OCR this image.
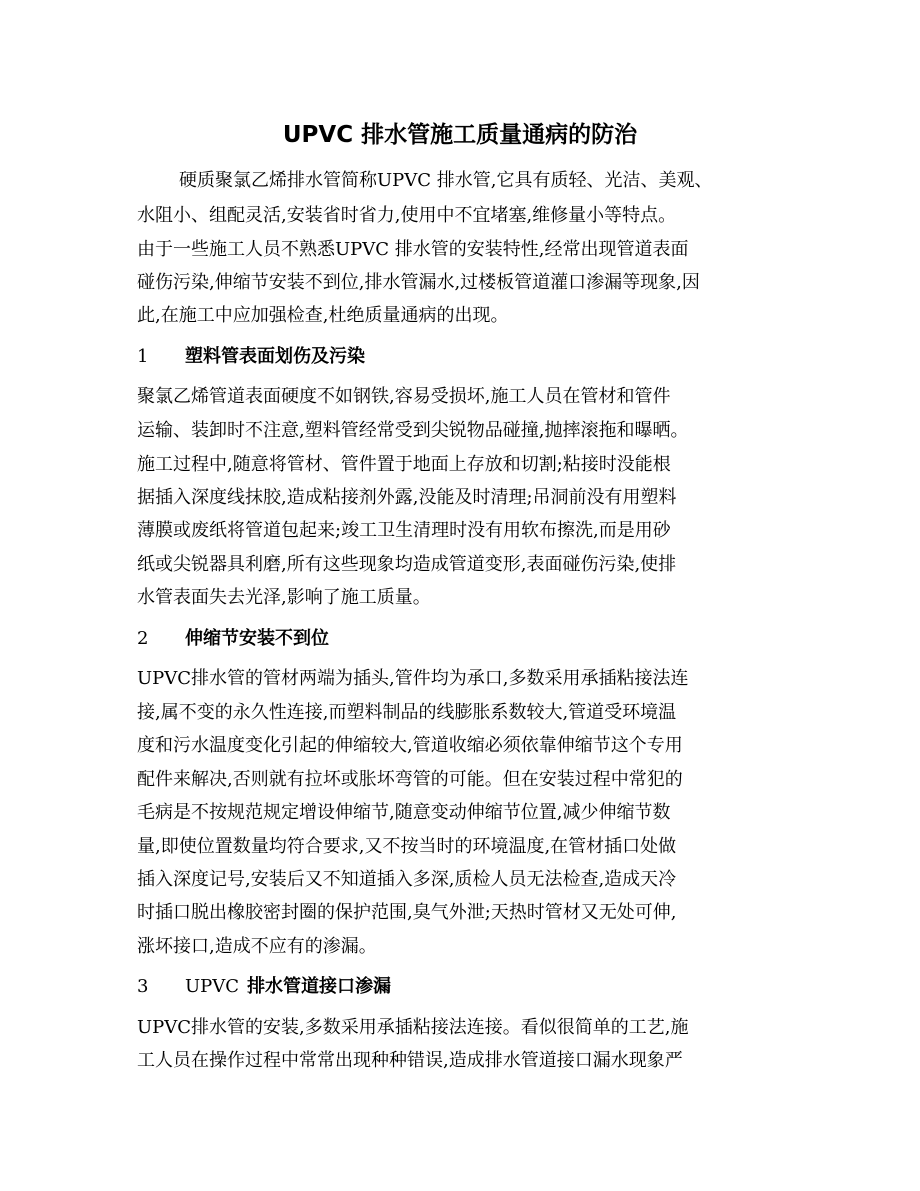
UPVC 排水管施工质量通病的防治

硬质聚氯乙烯排水管简称UPVC 排水管,它具有质轻、光洁、美观、

水阻小、组配灵活,安装省时省力,使用中不宜堵塞,维修量小等特点。

由于一些施工人员不熟悉UPVC 排水管的安装特性,经常出现管道表面

碰伤污染,伸缩节安装不到位,排水管漏水,过楼板管道灌口渗漏等现象,因

此,在施工中应加强检查,杜绝质量通病的出现。

1 塑料管表面划伤及污染

聚氯乙烯管道表面硬度不如钢铁,容易受损坏,施工人员在管材和管件

运输、装卸时不注意,塑料管经常受到尖锐物品碰撞,抛摔滚拖和曝晒。

施工过程中,随意将管材、管件置于地面上存放和切割;粘接时没能根

据插入深度线抹胶,造成粘接剂外露,没能及时清理;吊洞前没有用塑料

薄膜或废纸将管道包起来;竣工卫生清理时没有用软布擦洗,而是用砂

纸或尖锐器具利磨,所有这些现象均造成管道变形,表面碰伤污染,使排

水管表面失去光泽,影响了施工质量。

2 伸缩节安装不到位

UPVC排水管的管材两端为插头,管件均为承口,多数采用承插粘接法连

接,属不变的永久性连接,而塑料制品的线膨胀系数较大,管道受环境温

度和污水温度变化引起的伸缩较大,管道收缩必须依靠伸缩节这个专用

配件来解决,否则就有拉坏或胀坏弯管的可能。但在安装过程中常犯的

毛病是不按规范规定增设伸缩节,随意变动伸缩节位置,减少伸缩节数

量,即使位置数量均符合要求,又不按当时的环境温度,在管材插口处做

插入深度记号,安装后又不知道插入多深,质检人员无法检查,造成天冷

时插口脱出橡胶密封圈的保护范围,臭气外泄;天热时管材又无处可伸,

涨坏接口,造成不应有的渗漏。

3 UPVC 排水管道接口渗漏

UPVC排水管的安装,多数采用承插粘接法连接。看似很简单的工艺,施

工人员在操作过程中常常出现种种错误,造成排水管道接口漏水现象严
